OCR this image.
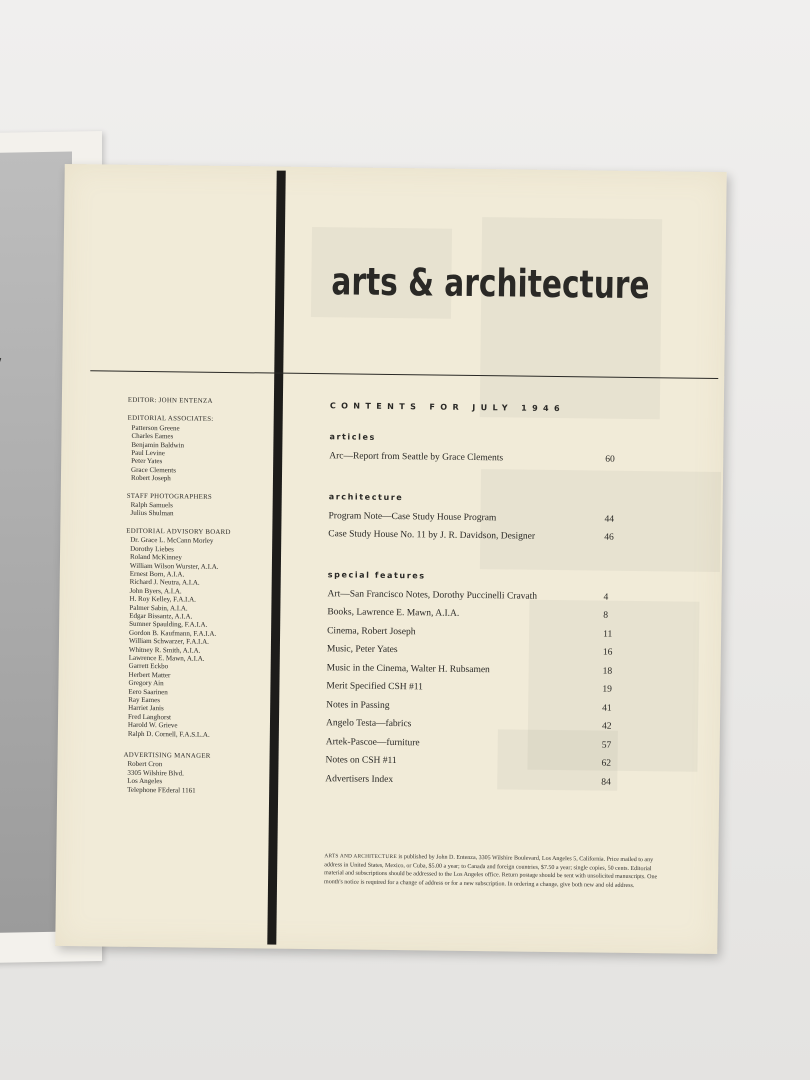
arts & architecture
EDITOR: JOHN ENTENZA
EDITORIAL ASSOCIATES:
Patterson Greene
Charles Eames
Benjamin Baldwin
Paul Levine
Peter Yates
Grace Clements
Robert Joseph
STAFF PHOTOGRAPHERS
Ralph Samuels
Julius Shulman
EDITORIAL ADVISORY BOARD
Dr. Grace L. McCann Morley
Dorothy Liebes
Roland McKinney
William Wilson Wurster, A.I.A.
Ernest Born, A.I.A.
Richard J. Neutra, A.I.A.
John Byers, A.I.A.
H. Roy Kelley, F.A.I.A.
Palmer Sabin, A.I.A.
Edgar Bissantz, A.I.A.
Sumner Spaulding, F.A.I.A.
Gordon B. Kaufmann, F.A.I.A.
William Schwarzer, F.A.I.A.
Whitney R. Smith, A.I.A.
Lawrence E. Mawn, A.I.A.
Garrett Eckbo
Herbert Matter
Gregory Ain
Eero Saarinen
Ray Eames
Harriet Janis
Fred Langhorst
Harold W. Grieve
Ralph D. Cornell, F.A.S.L.A.
ADVERTISING MANAGER
Robert Cron
3305 Wilshire Blvd.
Los Angeles
Telephone FEderal 1161
CONTENTS FOR JULY 1946
articles
Arc—Report from Seattle by Grace Clements	60
architecture
Program Note—Case Study House Program	44
Case Study House No. 11 by J. R. Davidson, Designer	46
special features
Art—San Francisco Notes, Dorothy Puccinelli Cravath	4
Books, Lawrence E. Mawn, A.I.A.	8
Cinema, Robert Joseph	11
Music, Peter Yates	16
Music in the Cinema, Walter H. Rubsamen	18
Merit Specified CSH #11	19
Notes in Passing	41
Angelo Testa—fabrics	42
Artek-Pascoe—furniture	57
Notes on CSH #11	62
Advertisers Index	84
ARTS AND ARCHITECTURE is published by John D. Entenza, 3305 Wilshire Boulevard, Los Angeles 5, California. Price mailed to any address in United States, Mexico, or Cuba, $5.00 a year; to Canada and foreign countries, $7.50 a year; single copies, 50 cents. Editorial material and subscriptions should be addressed to the Los Angeles office. Return postage should be sent with unsolicited manuscripts. One month's notice is required for a change of address or for a new subscription. In ordering a change, give both new and old address.
